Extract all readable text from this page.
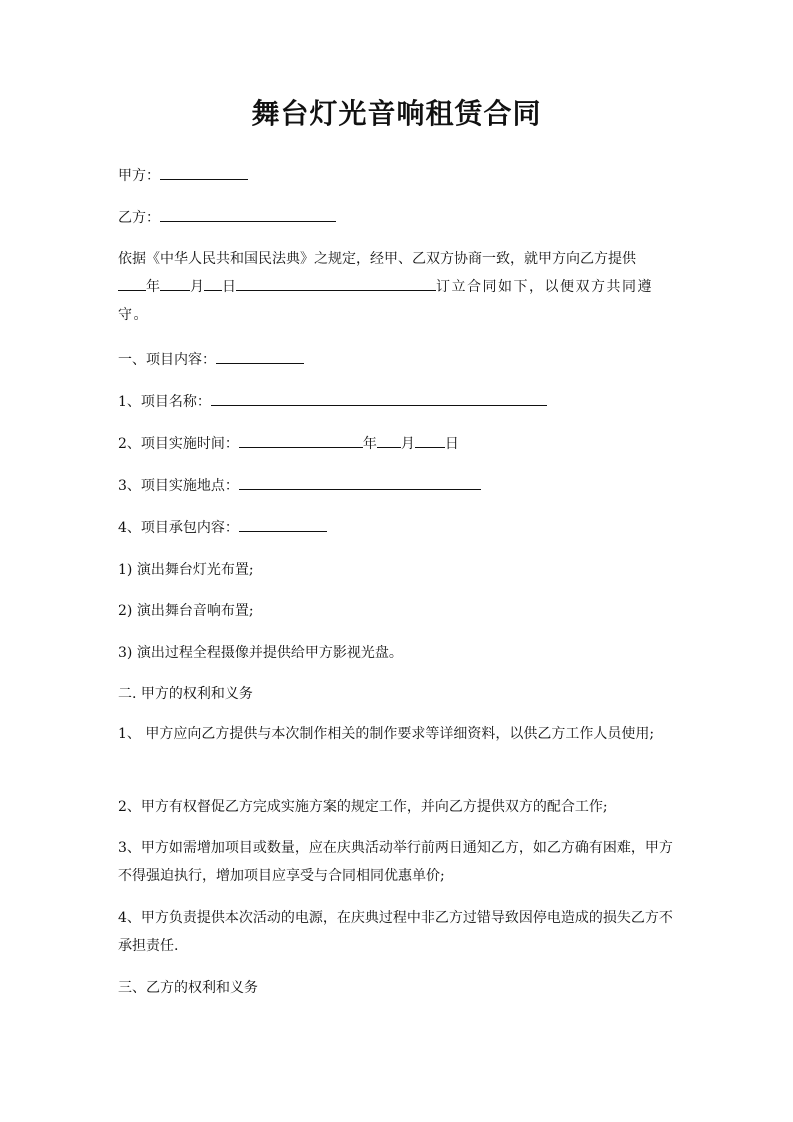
舞台灯光音响租赁合同
甲方：
乙方：
依据《中华人民共和国民法典》之规定，经甲、乙双方协商一致，就甲方向乙方提供
年 月 日	订立合同如下，以便双方共同遵守。
一、项目内容：
1、项目名称：
2、项目实施时间：	年 月 日
3、项目实施地点：
4、项目承包内容：
1) 演出舞台灯光布置;
2) 演出舞台音响布置;
3) 演出过程全程摄像并提供给甲方影视光盘。
二. 甲方的权利和义务
1、 甲方应向乙方提供与本次制作相关的制作要求等详细资料，以供乙方工作人员使用;
2、甲方有权督促乙方完成实施方案的规定工作，并向乙方提供双方的配合工作;
3、甲方如需增加项目或数量，应在庆典活动举行前两日通知乙方，如乙方确有困难，甲方不得强迫执行，增加项目应享受与合同相同优惠单价;
4、甲方负责提供本次活动的电源，在庆典过程中非乙方过错导致因停电造成的损失乙方不承担责任.
三、乙方的权利和义务
